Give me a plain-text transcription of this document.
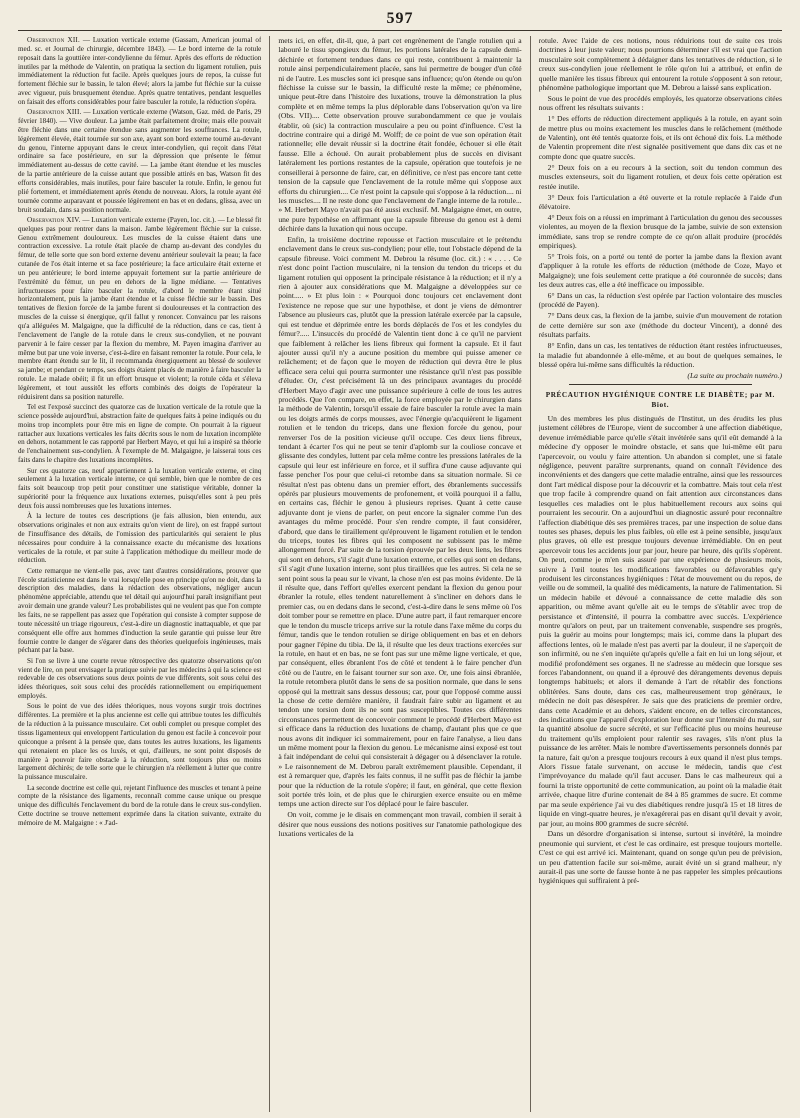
597

Observation XII. — Luxation verticale externe (Gassam, American journal of med. sc. et Journal de chirurgie, décembre 1843). — Le bord interne de la rotule reposait dans la gouttière inter-condylienne du fémur. Après des efforts de réduction inutiles par la méthode de Valentin, on pratiqua la section du ligament rotulien, puis immédiatement la réduction fut facile. Après quelques jours de repos, la cuisse fut fortement fléchie sur le bassin, le talon élevé; alors la jambe fut fléchie sur la cuisse avec vigueur, puis brusquement étendue. Après quatre tentatives, pendant lesquelles on faisait des efforts considérables pour faire basculer la rotule, la réduction s'opéra.

Observation XIII. — Luxation verticale externe (Watson, Gaz. méd. de Paris, 29 février 1840). — Vive douleur. La jambe était parfaitement droite; mais elle pouvait être fléchie dans une certaine étendue sans augmenter les souffrances. La rotule, légèrement élevée, était tournée sur son axe, ayant son bord externe tourné au-devant du genou, l'interne appuyant dans le creux inter-condylien, qui reçoit dans l'état ordinaire sa face postérieure, en sur la dépression que présente le fémur immédiatement au-dessus de cette cavité. — La jambe étant étendue et les muscles de la partie antérieure de la cuisse autant que possible attirés en bas, Watson fit des efforts considérables, mais inutiles, pour faire basculer la rotule. Enfin, le genou fut plié fortement, et immédiatement après étendu de nouveau. Alors, la rotule ayant été tournée comme auparavant et poussée légèrement en bas et en dedans, glissa, avec un bruit soudain, dans sa position normale.

Observation XIV. — Luxation verticale externe (Payen, loc. cit.). — Le blessé fit quelques pas pour rentrer dans la maison. Jambe légèrement fléchie sur la cuisse. Genou extrêmement douloureux. Les muscles de la cuisse étaient dans une contraction excessive. La rotule était placée de champ au-devant des condyles du fémur, de telle sorte que son bord externe devenu antérieur soulevait la peau; la face cutanée de l'os était interne et sa face postérieure; la face articulaire était externe et un peu antérieure; le bord interne appuyait fortement sur la partie antérieure de l'extrémité du fémur, un peu en dehors de la ligne médiane. — Tentatives infructueuses pour faire basculer la rotule, d'abord le membre étant situé horizontalement, puis la jambe étant étendue et la cuisse fléchie sur le bassin. Des tentatives de flexion forcée de la jambe furent si douloureuses et la contraction des muscles de la cuisse si énergique, qu'il fallut y renoncer. Convaincu par les raisons qu'a alléguées M. Malgaigne, que la difficulté de la réduction, dans ce cas, tient à l'enclavement de l'angle de la rotule dans le creux sus-condylien, et ne pouvant parvenir à le faire cesser par la flexion du membre, M. Payen imagina d'arriver au même but par une voie inverse, c'est-à-dire en faisant remonter la rotule. Pour cela, le membre étant étendu sur le lit, il recommanda énergiquement au blessé de soulever sa jambe; et pendant ce temps, ses doigts étaient placés de manière à faire basculer la rotule. Le malade obéit; il fit un effort brusque et violent; la rotule céda et s'éleva légèrement, et tout aussitôt les efforts combinés des doigts de l'opérateur la réduisirent dans sa position naturelle.

Tel est l'exposé succinct des quatorze cas de luxation verticale de la rotule que la science possède aujourd'hui, abstraction faite de quelques faits à peine indiqués ou du moins trop incomplets pour être mis en ligne de compte. On pourrait à la rigueur rattacher aux luxations verticales les faits décrits sous le nom de luxation incomplète en dehors, notamment le cas rapporté par Herbert Mayo, et qui lui a inspiré sa théorie de l'enchainement sus-condylien. À l'exemple de M. Malgaigne, je laisserai tous ces faits dans le chapitre des luxations incomplètes.

Sur ces quatorze cas, neuf appartiennent à la luxation verticale externe, et cinq seulement à la luxation verticale interne, ce qui semble, bien que le nombre de ces faits soit beaucoup trop petit pour constituer une statistique véritable, donner la supériorité pour la fréquence aux luxations externes, puisqu'elles sont à peu près deux fois aussi nombreuses que les luxations internes.

À la lecture de toutes ces descriptions (je fais allusion, bien entendu, aux observations originales et non aux extraits qu'on vient de lire), on est frappé surtout de l'insuffisance des détails, de l'omission des particularités qui seraient le plus nécessaires pour conduire à la connaissance exacte du mécanisme des luxations verticales de la rotule, et par suite à l'application méthodique du meilleur mode de réduction.

Cette remarque ne vient-elle pas, avec tant d'autres considérations, prouver que l'école statisticienne est dans le vrai lorsqu'elle pose en principe qu'on ne doit, dans la description des maladies, dans la rédaction des observations, négliger aucun phénomène appréciable, attendu que tel détail qui aujourd'hui paraît insignifiant peut avoir demain une grande valeur? Les probabilistes qui ne veulent pas que l'on compte les faits, ne se rappellent pas assez que l'opération qui consiste à compter suppose de toute nécessité un triage rigoureux, c'est-à-dire un diagnostic inattaquable, et que par conséquent elle offre aux hommes d'induction la seule garantie qui puisse leur être fournie contre le danger de s'égarer dans des théories quelquefois ingénieuses, mais péchant par la base.

Si l'on se livre à une courte revue rétrospective des quatorze observations qu'on vient de lire, on peut envisager la pratique suivie par les médecins à qui la science est redevable de ces observations sous deux points de vue différents, soit sous celui des idées théoriques, soit sous celui des procédés rationnellement ou empiriquement employés.

Sous le point de vue des idées théoriques, nous voyons surgir trois doctrines différentes. La première et la plus ancienne est celle qui attribue toutes les difficultés de la réduction à la puissance musculaire. Cet oubli complet ou presque complet des tissus ligamenteux qui enveloppent l'articulation du genou est facile à concevoir pour quiconque a présent à la pensée que, dans toutes les autres luxations, les ligaments qui retenaient en place les os luxés, et qui, d'ailleurs, ne sont point disposés de manière à pouvoir faire obstacle à la réduction, sont toujours plus ou moins largement déchirés; de telle sorte que le chirurgien n'a réellement à lutter que contre la puissance musculaire.

La seconde doctrine est celle qui, rejetant l'influence des muscles et tenant à peine compte de la résistance des ligaments, reconnaît comme cause unique ou presque unique des difficultés l'enclavement du bord de la rotule dans le creux sus-condylien. Cette doctrine se trouve nettement exprimée dans la citation suivante, extraite du mémoire de M. Malgaigne : « J'ad-

mets ici, en effet, dit-il, que, à part cet engrènement de l'angle rotulien qui a labouré le tissu spongieux du fémur, les portions latérales de la capsule demi-déchirée et fortement tendues dans ce qui reste, contribuent à maintenir la rotule ainsi perpendiculairement placée, sans lui permettre de bouger d'un côté ni de l'autre. Les muscles sont ici presque sans influence; qu'on étende ou qu'on fléchisse la cuisse sur le bassin, la difficulté reste la même; ce phénomène, unique peut-être dans l'histoire des luxations, trouve la démonstration la plus complète et en même temps la plus déplorable dans l'observation qu'on va lire (Obs. VII).... Cette observation prouve surabondamment ce que je voulais établir, où (sic) la contraction musculaire a peu ou point d'influence. C'est la doctrine contraire qui a dirigé M. Wolff; de ce point de vue son opération était rationnelle; elle devait réussir si la doctrine était fondée, échouer si elle était fausse. Elle a échoué. On aurait probablement plus de succès en divisant latéralement les portions restantes de la capsule, opération que toutefois je ne conseillerai à personne de faire, car, en définitive, ce n'est pas encore tant cette tension de la capsule que l'enclavement de la rotule même qui s'oppose aux efforts du chirurgien.... Ce n'est point la capsule qui s'oppose à la réduction.... ni les muscles.... Il ne reste donc que l'enclavement de l'angle interne de la rotule... » M. Herbert Mayo n'avait pas été aussi exclusif. M. Malgaigne émet, en outre, une pure hypothèse en affirmant que la capsule fibreuse du genou est à demi déchirée dans la luxation qui nous occupe.

Enfin, la troisième doctrine repousse et l'action musculaire et le prétendu enclavement dans le creux sus-condylien; pour elle, tout l'obstacle dépend de la capsule fibreuse. Voici comment M. Debrou la résume (loc. cit.) : « . . . . Ce n'est donc point l'action musculaire, ni la tension du tendon du triceps et du ligament rotulien qui opposent la principale résistance à la réduction; et il n'y a rien à ajouter aux considérations que M. Malgaigne a développées sur ce point..... » Et plus loin : « Pourquoi donc toujours cet enclavement dont l'existence ne repose que sur une hypothèse, et dont je viens de démontrer l'absence au plusieurs cas, plutôt que la pression latérale exercée par la capsule, qui est tendue et déprimée entre les bords déplacés de l'os et les condyles du fémur?..... L'insuccès du procédé de Valentin tient donc à ce qu'il ne parvient que faiblement à relâcher les liens fibreux qui forment la capsule. Et il faut ajouter aussi qu'il n'y a aucune position du membre qui puisse amener ce relâchement; et de façon que le moyen de réduction qui devra être le plus efficace sera celui qui pourra surmonter une résistance qu'il n'est pas possible d'éluder. Or, c'est précisément là un des principaux avantages du procédé d'Herbert Mayo d'agir avec une puissance supérieure à celle de tous les autres procédés. Que l'on compare, en effet, la force employée par le chirurgien dans la méthode de Valentin, lorsqu'il essaie de faire basculer la rotule avec la main ou les doigts armés de corps mousses, avec l'énergie qu'acquièrent le ligament rotulien et le tendon du triceps, dans une flexion forcée du genou, pour renverser l'os de la position vicieuse qu'il occupe. Ces deux liens fibreux, tendant à écarter l'os qui ne peut se tenir d'aplomb sur la couliose concave et glissante des condyles, luttent par cela même contre les pressions latérales de la capsule qui leur est inférieure en force, et il suffira d'une cause adjuvante qui fasse pencher l'os pour que celui-ci retombe dans sa situation normale. Si ce résultat n'est pas obtenu dans un premier effort, des ébranlements successifs opérés par plusieurs mouvements de profonement, et voilà pourquoi il a fallu, en certains cas, fléchir le genou à plusieurs reprises. Quant à cette cause adjuvante dont je viens de parler, on peut encore la signaler comme l'un des avantages du même procédé. Pour s'en rendre compte, il faut considérer, d'abord, que dans le tiraillement qu'éprouvent le ligament rotulien et le tendon du triceps, toutes les fibres qui les composent ne subissent pas le même allongement forcé. Par suite de la torsion éprouvée par les deux liens, les fibres qui sont en dehors, s'il s'agit d'une luxation externe, et celles qui sont en dedans, s'il s'agit d'une luxation interne, sont plus tiraillées que les autres. Si cela ne se sent point sous la peau sur le vivant, la chose n'en est pas moins évidente. De là il résulte que, dans l'effort qu'elles exercent pendant la flexion du genou pour ébranler la rotule, elles tendent naturellement à s'incliner en dehors dans le premier cas, ou en dedans dans le second, c'est-à-dire dans le sens même où l'os doit tomber pour se remettre en place. D'une autre part, il faut remarquer encore que le tendon du muscle triceps arrive sur la rotule dans l'axe même du corps du fémur, tandis que le tendon rotulien se dirige obliquement en bas et en dehors pour gagner l'épine du tibia. De là, il résulte que les deux tractions exercées sur la rotule, en haut et en bas, ne se font pas sur une même ligne verticale, et que, par conséquent, elles ébranlent l'os de côté et tendent à le faire pencher d'un côté ou de l'autre, en le faisant tourner sur son axe. Or, une fois ainsi ébranlée, la rotule retombera plutôt dans le sens de sa position normale, que dans le sens opposé qui la mettrait sans dessus dessous; car, pour que l'opposé comme aussi la chose de cette dernière manière, il faudrait faire subir au ligament et au tendon une torsion dont ils ne sont pas susceptibles. Toutes ces différentes circonstances permettent de concevoir comment le procédé d'Herbert Mayo est si efficace dans la réduction des luxations de champ, d'autant plus que ce que nous avons dit indiquer ici sommairement, pour en faire l'analyse, a lieu dans un même moment pour la flexion du genou. Le mécanisme ainsi exposé est tout à fait indépendant de celui qui consisterait à dégager ou à désenclaver la rotule. » Le raisonnement de M. Debrou paraît extrêmement plausible. Cependant, il est à remarquer que, d'après les faits connus, il ne suffit pas de fléchir la jambe pour que la réduction de la rotule s'opère; il faut, en général, que cette flexion soit portée très loin, et de plus que le chirurgien exerce ensuite ou en même temps une action directe sur l'os déplacé pour le faire basculer.

On voit, comme je le disais en commençant mon travail, combien il serait à désirer que nous eussions des notions positives sur l'anatomie pathologique des luxations verticales de la

rotule. Avec l'aide de ces notions, nous réduirions tout de suite ces trois doctrines à leur juste valeur; nous pourrions déterminer s'il est vrai que l'action musculaire soit complètement à dédaigner dans les tentatives de réduction, si le creux sus-condylien joue réellement le rôle qu'on lui a attribué, et enfin de quelle manière les tissus fibreux qui entourent la rotule s'opposent à son retour, phénomène pathologique important que M. Debrou a laissé sans explication.

Sous le point de vue des procédés employés, les quatorze observations citées nous offrent les résultats suivants :

1° Des efforts de réduction directement appliqués à la rotule, en ayant soin de mettre plus ou moins exactement les muscles dans le relâchement (méthode de Valentin), ont été tentés quatorze fois, et ils ont échoué dix fois. La méthode de Valentin proprement dite n'est signalée positivement que dans dix cas et ne compte donc que quatre succès.

2° Deux fois on a eu recours à la section, soit du tendon commun des muscles extenseurs, soit du ligament rotulien, et deux fois cette opération est restée inutile.

3° Deux fois l'articulation a été ouverte et la rotule replacée à l'aide d'un élévatoire.

4° Deux fois on a réussi en imprimant à l'articulation du genou des secousses violentes, au moyen de la flexion brusque de la jambe, suivie de son extension immédiate, sans trop se rendre compte de ce qu'on allait produire (procédés empiriques).

5° Trois fois, on a porté ou tenté de porter la jambe dans la flexion avant d'appliquer à la rotule les efforts de réduction (méthode de Coze, Mayo et Malgaigne); une fois seulement cette pratique a été couronnée de succès; dans les deux autres cas, elle a été inefficace ou impossible.

6° Dans un cas, la réduction s'est opérée par l'action volontaire des muscles (procédé de Payen).

7° Dans deux cas, la flexion de la jambe, suivie d'un mouvement de rotation de cette dernière sur son axe (méthode du docteur Vincent), a donné des résultats parfaits.

8° Enfin, dans un cas, les tentatives de réduction étant restées infructueuses, la maladie fut abandonnée à elle-même, et au bout de quelques semaines, le blessé opéra lui-même sans difficultés la réduction.

(La suite au prochain numéro.)

PRÉCAUTION HYGIÉNIQUE CONTRE LE DIABÈTE; par M. Biot.

Un des membres les plus distingués de l'Institut, un des érudits les plus justement célèbres de l'Europe, vient de succomber à une affection diabétique, devenue irrémédiable parce qu'elle s'était invétérée sans qu'il eût demandé à la médecine d'y opposer le moindre obstacle, et sans que lui-même eût paru l'apercevoir, ou voulu y faire attention. Un abandon si complet, une si fatale négligence, peuvent paraître surprenants, quand on connaît l'évidence des inconvénients et des dangers que cette maladie entraîne, ainsi que les ressources dont l'art médical dispose pour la découvrir et la combattre. Mais tout cela n'est que trop facile à comprendre quand on fait attention aux circonstances dans lesquelles ces maladies ont le plus habituellement recours aux soins qui pourraient les secourir. On a aujourd'hui un diagnostic assuré pour reconnaître l'affection diabétique dès ses premières traces, par une inspection de solue dans toutes ses phases, depuis les plus faibles, où elle est à peine sensible, jusqu'aux plus graves, où elle est presque toujours devenue irrémédiable. On en peut apercevoir tous les accidents jour par jour, heure par heure, dès qu'ils s'opèrent. On peut, comme je m'en suis assuré par une expérience de plusieurs mois, suivre à l'œil toutes les modifications favorables ou défavorables qu'y produisent les circonstances hygiéniques : l'état de mouvement ou du repos, de veille ou de sommeil, la qualité des médicaments, la nature de l'alimentation. Si un médecin habile et dévoué a connaissance de cette maladie dès son apparition, ou même avant qu'elle ait eu le temps de s'établir avec trop de persistance et d'intensité, il pourra la combattre avec succès. L'expérience montre qu'alors on peut, par un traitement convenable, suspendre ses progrès, puis la guérir au moins pour longtemps; mais ici, comme dans la plupart des affections lentes, où le malade n'est pas averti par la douleur, il ne s'aperçoit de son infirmité, ou ne s'en inquiète qu'après qu'elle a fait en lui un long séjour, et modifié profondément ses organes. Il ne s'adresse au médecin que lorsque ses forces l'abandonnent, ou quand il a éprouvé des dérangements devenus depuis longtemps habituels; et alors il demande à l'art de rétablir des fonctions oblitérées. Sans doute, dans ces cas, malheureusement trop généraux, le médecin ne doit pas désespérer. Je sais que des praticiens de premier ordre, dans cette Académie et au dehors, s'aident encore, en de telles circonstances, des indications que l'appareil d'exploration leur donne sur l'intensité du mal, sur la quantité absolue de sucre sécrété, et sur l'efficacité plus ou moins heureuse du traitement qu'ils emploient pour ralentir ses ravages, s'ils n'ont plus la puissance de les arrêter. Mais le nombre d'avertissements personnels donnés par la nature, fait qu'on a presque toujours recours à eux quand il n'est plus temps. Alors l'issue fatale survenant, on accuse le médecin, tandis que c'est l'imprévoyance du malade qu'il faut accuser. Dans le cas malheureux qui a fourni la triste opportunité de cette communication, au point où la maladie était arrivée, chaque litre d'urine contenait de 84 à 85 grammes de sucre. Et comme par ma seule expérience j'ai vu des diabétiques rendre jusqu'à 15 et 18 litres de liquide en vingt-quatre heures, je n'exagérerai pas en disant qu'il devait y avoir, par jour, au moins 800 grammes de sucre sécrété.

Dans un désordre d'organisation si intense, surtout si invétéré, la moindre pneumonie qui survient, et c'est le cas ordinaire, est presque toujours mortelle. C'est ce qui est arrivé ici. Maintenant, quand on songe qu'un peu de prévision, un peu d'attention facile sur soi-même, aurait évité un si grand malheur, n'y aurait-il pas une sorte de fausse honte à ne pas rappeler les simples précautions hygiéniques qui suffiraient à pré-
